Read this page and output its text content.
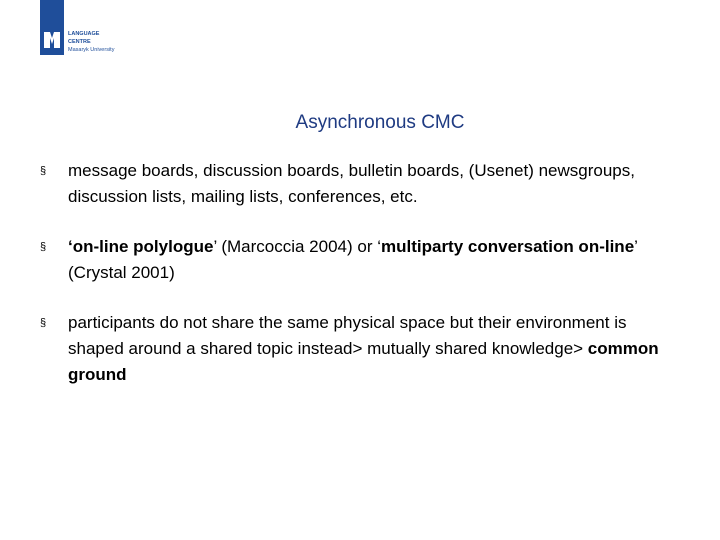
LANGUAGE
CENTRE
Masaryk University
Asynchronous CMC
§ message boards, discussion boards, bulletin boards, (Usenet) newsgroups, discussion lists, mailing lists, conferences, etc.
§ ‘on-line polylogue’ (Marcoccia 2004) or ‘multiparty conversation on-line’ (Crystal 2001)
§ participants do not share the same physical space but their environment is shaped around a shared topic instead> mutually shared knowledge> common ground
